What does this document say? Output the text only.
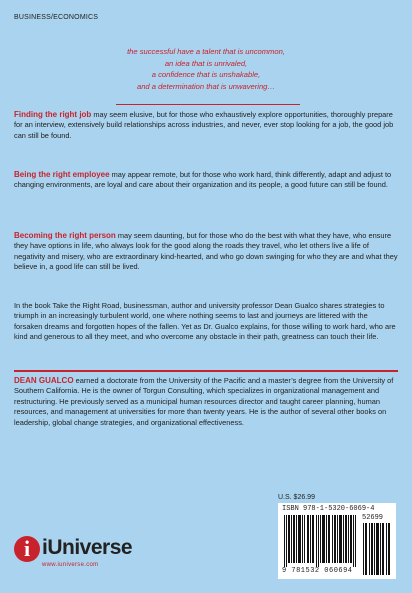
BUSINESS/ECONOMICS
the successful have a talent that is uncommon,
an idea that is unrivaled,
a confidence that is unshakable,
and a determination that is unwavering…
Finding the right job may seem elusive, but for those who exhaustively explore opportunities, thoroughly prepare for an interview, extensively build relationships across industries, and never, ever stop looking for a job, the good job can still be found.
Being the right employee may appear remote, but for those who work hard, think differently, adapt and adjust to changing environments, are loyal and care about their organization and its people, a good future can still be found.
Becoming the right person may seem daunting, but for those who do the best with what they have, who ensure they have options in life, who always look for the good along the roads they travel, who let others live a life of negativity and misery, who are extraordinary kind-hearted, and who go down swinging for who they are and what they believe in, a good life can still be lived.
In the book Take the Right Road, businessman, author and university professor Dean Gualco shares strategies to triumph in an increasingly turbulent world, one where nothing seems to last and journeys are littered with the forsaken dreams and forgotten hopes of the fallen. Yet as Dr. Gualco explains, for those willing to work hard, who are kind and generous to all they meet, and who overcome any obstacle in their path, greatness can touch their life.
DEAN GUALCO earned a doctorate from the University of the Pacific and a master’s degree from the University of Southern California. He is the owner of Torgun Consulting, which specializes in organizational management and restructuring. He previously served as a municipal human resources director and taught career planning, human resources, and management at universities for more than twenty years. He is the author of several other books on leadership, global change strategies, and organizational effectiveness.
U.S. $26.99
ISBN 978-1-5320-6069-4
9 781532 060694
52699
i iUniverse
www.iuniverse.com
